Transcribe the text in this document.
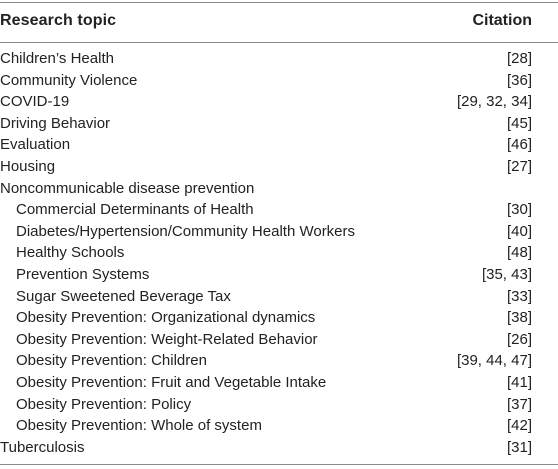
Research topic	Citation
Children’s Health	[28]
Community Violence	[36]
COVID-19	[29, 32, 34]
Driving Behavior	[45]
Evaluation	[46]
Housing	[27]
Noncommunicable disease prevention
Commercial Determinants of Health	[30]
Diabetes/Hypertension/Community Health Workers	[40]
Healthy Schools	[48]
Prevention Systems	[35, 43]
Sugar Sweetened Beverage Tax	[33]
Obesity Prevention: Organizational dynamics	[38]
Obesity Prevention: Weight-Related Behavior	[26]
Obesity Prevention: Children	[39, 44, 47]
Obesity Prevention: Fruit and Vegetable Intake	[41]
Obesity Prevention: Policy	[37]
Obesity Prevention: Whole of system	[42]
Tuberculosis	[31]
